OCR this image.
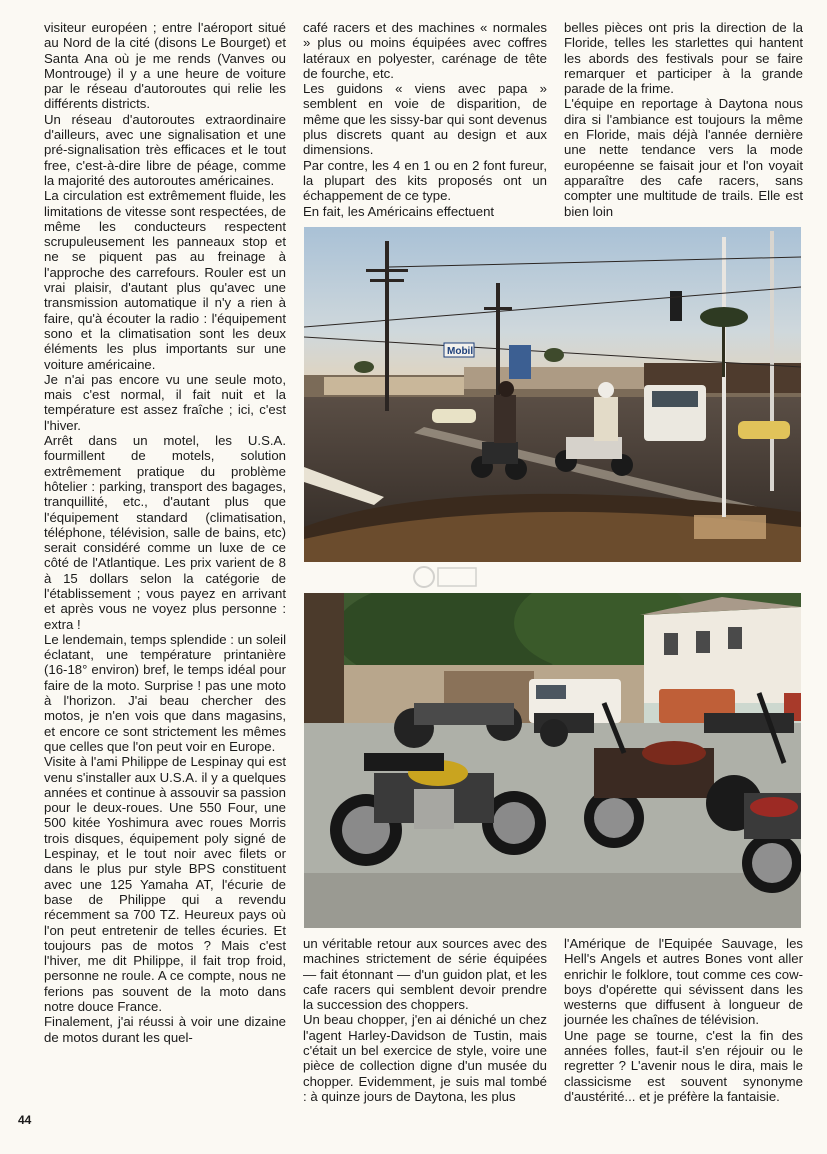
visiteur européen ; entre l'aéroport situé au Nord de la cité (disons Le Bourget) et Santa Ana où je me rends (Vanves ou Montrouge) il y a une heure de voiture par le réseau d'autoroutes qui relie les différents districts.

Un réseau d'autoroutes extraordinaire d'ailleurs, avec une signalisation et une pré-signalisation très efficaces et le tout free, c'est-à-dire libre de péage, comme la majorité des autoroutes américaines.

La circulation est extrêmement fluide, les limitations de vitesse sont respectées, de même les conducteurs respectent scrupuleusement les panneaux stop et ne se piquent pas au freinage à l'approche des carrefours. Rouler est un vrai plaisir, d'autant plus qu'avec une transmission automatique il n'y a rien à faire, qu'à écouter la radio : l'équipement sono et la climatisation sont les deux éléments les plus importants sur une voiture américaine.

Je n'ai pas encore vu une seule moto, mais c'est normal, il fait nuit et la température est assez fraîche ; ici, c'est l'hiver.

Arrêt dans un motel, les U.S.A. fourmillent de motels, solution extrêmement pratique du problème hôtelier : parking, transport des bagages, tranquillité, etc., d'autant plus que l'équipement standard (climatisation, téléphone, télévision, salle de bains, etc) serait considéré comme un luxe de ce côté de l'Atlantique. Les prix varient de 8 à 15 dollars selon la catégorie de l'établissement ; vous payez en arrivant et après vous ne voyez plus personne : extra !

Le lendemain, temps splendide : un soleil éclatant, une température printanière (16-18° environ) bref, le temps idéal pour faire de la moto. Surprise ! pas une moto à l'horizon. J'ai beau chercher des motos, je n'en vois que dans magasins, et encore ce sont strictement les mêmes que celles que l'on peut voir en Europe.

Visite à l'ami Philippe de Lespinay qui est venu s'installer aux U.S.A. il y a quelques années et continue à assouvir sa passion pour le deux-roues. Une 550 Four, une 500 kitée Yoshimura avec roues Morris trois disques, équipement poly signé de Lespinay, et le tout noir avec filets or dans le plus pur style BPS constituent avec une 125 Yamaha AT, l'écurie de base de Philippe qui a revendu récemment sa 700 TZ. Heureux pays où l'on peut entretenir de telles écuries. Et toujours pas de motos ? Mais c'est l'hiver, me dit Philippe, il fait trop froid, personne ne roule. A ce compte, nous ne ferions pas souvent de la moto dans notre douce France.

Finalement, j'ai réussi à voir une dizaine de motos durant les quel-

café racers et des machines « normales » plus ou moins équipées avec coffres latéraux en polyester, carénage de tête de fourche, etc.

Les guidons « viens avec papa » semblent en voie de disparition, de même que les sissy-bar qui sont devenus plus discrets quant au design et aux dimensions.

Par contre, les 4 en 1 ou en 2 font fureur, la plupart des kits proposés ont un échappement de ce type.

En fait, les Américains effectuent

belles pièces ont pris la direction de la Floride, telles les starlettes qui hantent les abords des festivals pour se faire remarquer et participer à la grande parade de la frime.

L'équipe en reportage à Daytona nous dira si l'ambiance est toujours la même en Floride, mais déjà l'année dernière une nette tendance vers la mode européenne se faisait jour et l'on voyait apparaître des cafe racers, sans compter une multitude de trails. Elle est bien loin

Mobil

un véritable retour aux sources avec des machines strictement de série équipées — fait étonnant — d'un guidon plat, et les cafe racers qui semblent devoir prendre la succession des choppers.

Un beau chopper, j'en ai déniché un chez l'agent Harley-Davidson de Tustin, mais c'était un bel exercice de style, voire une pièce de collection digne d'un musée du chopper. Evidemment, je suis mal tombé : à quinze jours de Daytona, les plus

l'Amérique de l'Equipée Sauvage, les Hell's Angels et autres Bones vont aller enrichir le folklore, tout comme ces cow-boys d'opérette qui sévissent dans les westerns que diffusent à longueur de journée les chaînes de télévision.

Une page se tourne, c'est la fin des années folles, faut-il s'en réjouir ou le regretter ? L'avenir nous le dira, mais le classicisme est souvent synonyme d'austérité... et je préfère la fantaisie.

44
